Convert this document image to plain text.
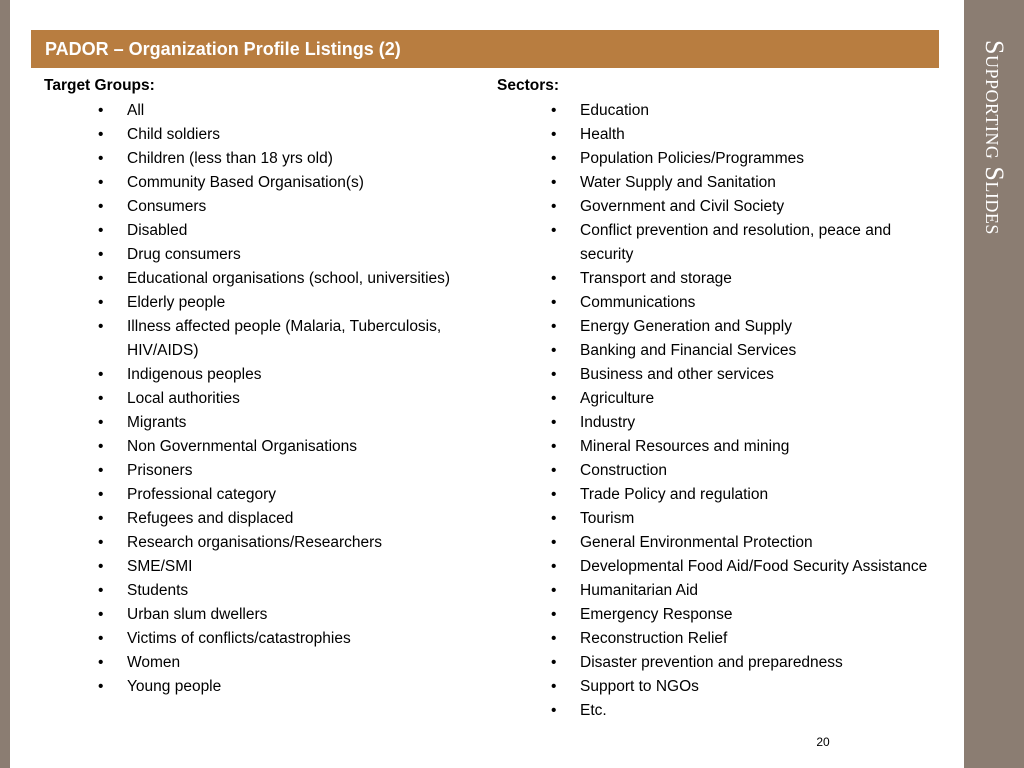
Supporting Slides
PADOR – Organization Profile Listings (2)
Target Groups:
• All
• Child soldiers
• Children (less than 18 yrs old)
• Community Based Organisation(s)
• Consumers
• Disabled
• Drug consumers
• Educational organisations (school, universities)
• Elderly people
• Illness affected people (Malaria, Tuberculosis, HIV/AIDS)
• Indigenous peoples
• Local authorities
• Migrants
• Non Governmental Organisations
• Prisoners
• Professional category
• Refugees and displaced
• Research organisations/Researchers
• SME/SMI
• Students
• Urban slum dwellers
• Victims of conflicts/catastrophies
• Women
• Young people
Sectors:
• Education
• Health
• Population Policies/Programmes
• Water Supply and Sanitation
• Government and Civil Society
• Conflict prevention and resolution, peace and security
• Transport and storage
• Communications
• Energy Generation and Supply
• Banking and Financial Services
• Business and other services
• Agriculture
• Industry
• Mineral Resources and mining
• Construction
• Trade Policy and regulation
• Tourism
• General Environmental Protection
• Developmental Food Aid/Food Security Assistance
• Humanitarian Aid
• Emergency Response
• Reconstruction Relief
• Disaster prevention and preparedness
• Support to NGOs
• Etc.
20
